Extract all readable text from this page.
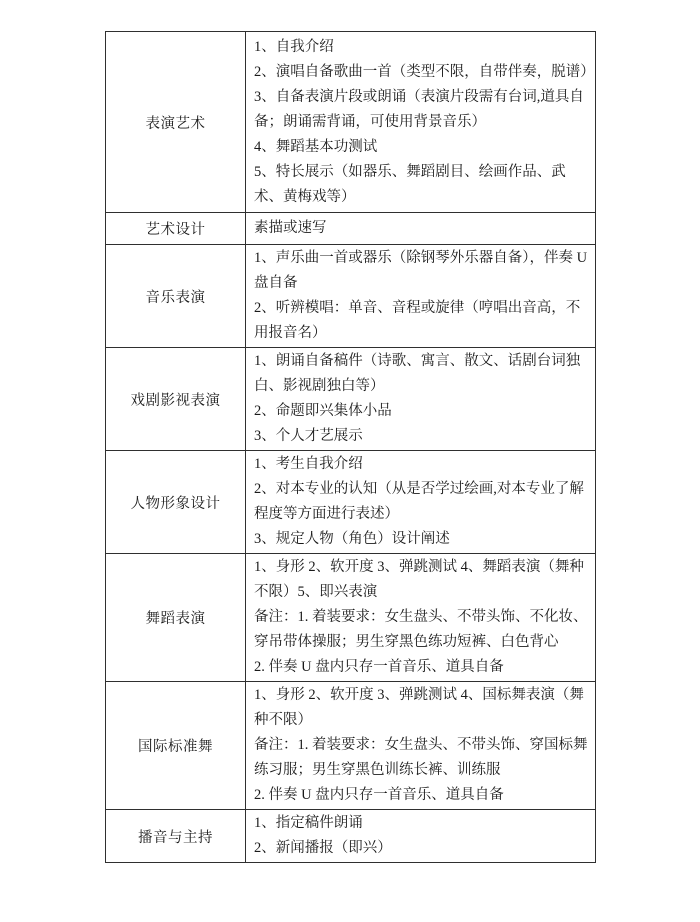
表演艺术	1、自我介绍
2、演唱自备歌曲一首（类型不限，自带伴奏，脱谱）
3、自备表演片段或朗诵（表演片段需有台词,道具自备；朗诵需背诵，可使用背景音乐）
4、舞蹈基本功测试
5、特长展示（如器乐、舞蹈剧目、绘画作品、武术、黄梅戏等）

艺术设计	素描或速写

音乐表演	1、声乐曲一首或器乐（除钢琴外乐器自备），伴奏 U 盘自备
2、听辨模唱：单音、音程或旋律（哼唱出音高，不用报音名）

戏剧影视表演	1、朗诵自备稿件（诗歌、寓言、散文、话剧台词独白、影视剧独白等）
2、命题即兴集体小品
3、个人才艺展示

人物形象设计	1、考生自我介绍
2、对本专业的认知（从是否学过绘画,对本专业了解程度等方面进行表述）
3、规定人物（角色）设计阐述

舞蹈表演	1、身形 2、软开度 3、弹跳测试 4、舞蹈表演（舞种不限）5、即兴表演
备注：1. 着装要求：女生盘头、不带头饰、不化妆、穿吊带体操服；男生穿黑色练功短裤、白色背心
2. 伴奏 U 盘内只存一首音乐、道具自备

国际标准舞	1、身形 2、软开度 3、弹跳测试 4、国标舞表演（舞种不限）
备注：1. 着装要求：女生盘头、不带头饰、穿国标舞练习服；男生穿黑色训练长裤、训练服
2. 伴奏 U 盘内只存一首音乐、道具自备

播音与主持	1、指定稿件朗诵
2、新闻播报（即兴）
